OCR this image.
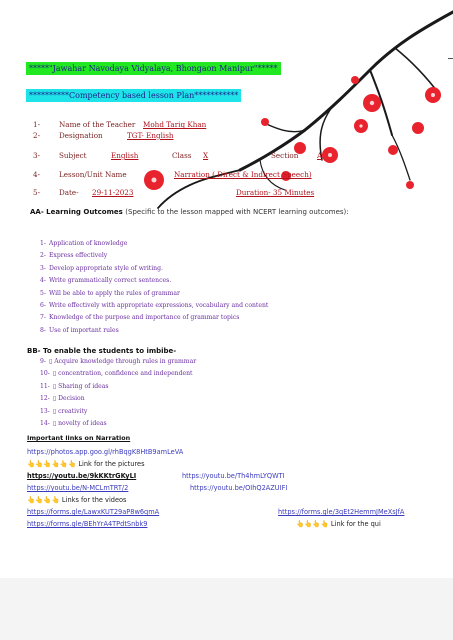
*****"Jawahar Navodaya Vidyalaya, Bhongaon Manipur"*****
**********Competency based lesson Plan***********
1-	Name of the Teacher Mohd Tariq Khan
2-	Designation	TGT- English
3-	Subject	English	Class X	Section	A
4-	Lesson/Unit Name	Narration ( Direct & Indirect Speech)
5-	Date- 29-11-2023	Duration- 35 Minutes
AA- Learning Outcomes (Specific to the lesson mapped with NCERT learning outcomes):
1- Application of knowledge
2- Express effectively
3- Develop appropriate style of writing.
4- Write grammatically correct sentences.
5- Will be able to apply the rules of grammar
6- Write effectively with appropriate expressions, vocabulary and content
7- Knowledge of the purpose and importance of grammar topics
8- Use of important rules
BB- To enable the students to imbibe-
9- ▯ Acquire knowledge through rules in grammar
10- ▯ concentration, confidence and independent
11- ▯ Sharing of ideas
12- ▯ Decision
13- ▯ creativity
14- ▯ novelty of ideas
Important links on Narration
https://photos.app.goo.gl/rhBqgK8HtB9amLeVA
👆👆👆👆👆👆 Link for the pictures
https://youtu.be/9kKKtrGKyLI	https://youtu.be/Th4hmLYQWTI
https://youtu.be/N-MCLmTRT/2	https://youtu.be/OIhQ2AZUIFI
👆👆👆👆 Links for the videos
https://forms.gle/LawxKUT29aP8w6qmA	https://forms.gle/3qEt2HemmJMeXsJfA
https://forms.gle/BEhYrA4TPdtSnbk9	👆👆👆👆 Link for the qui
